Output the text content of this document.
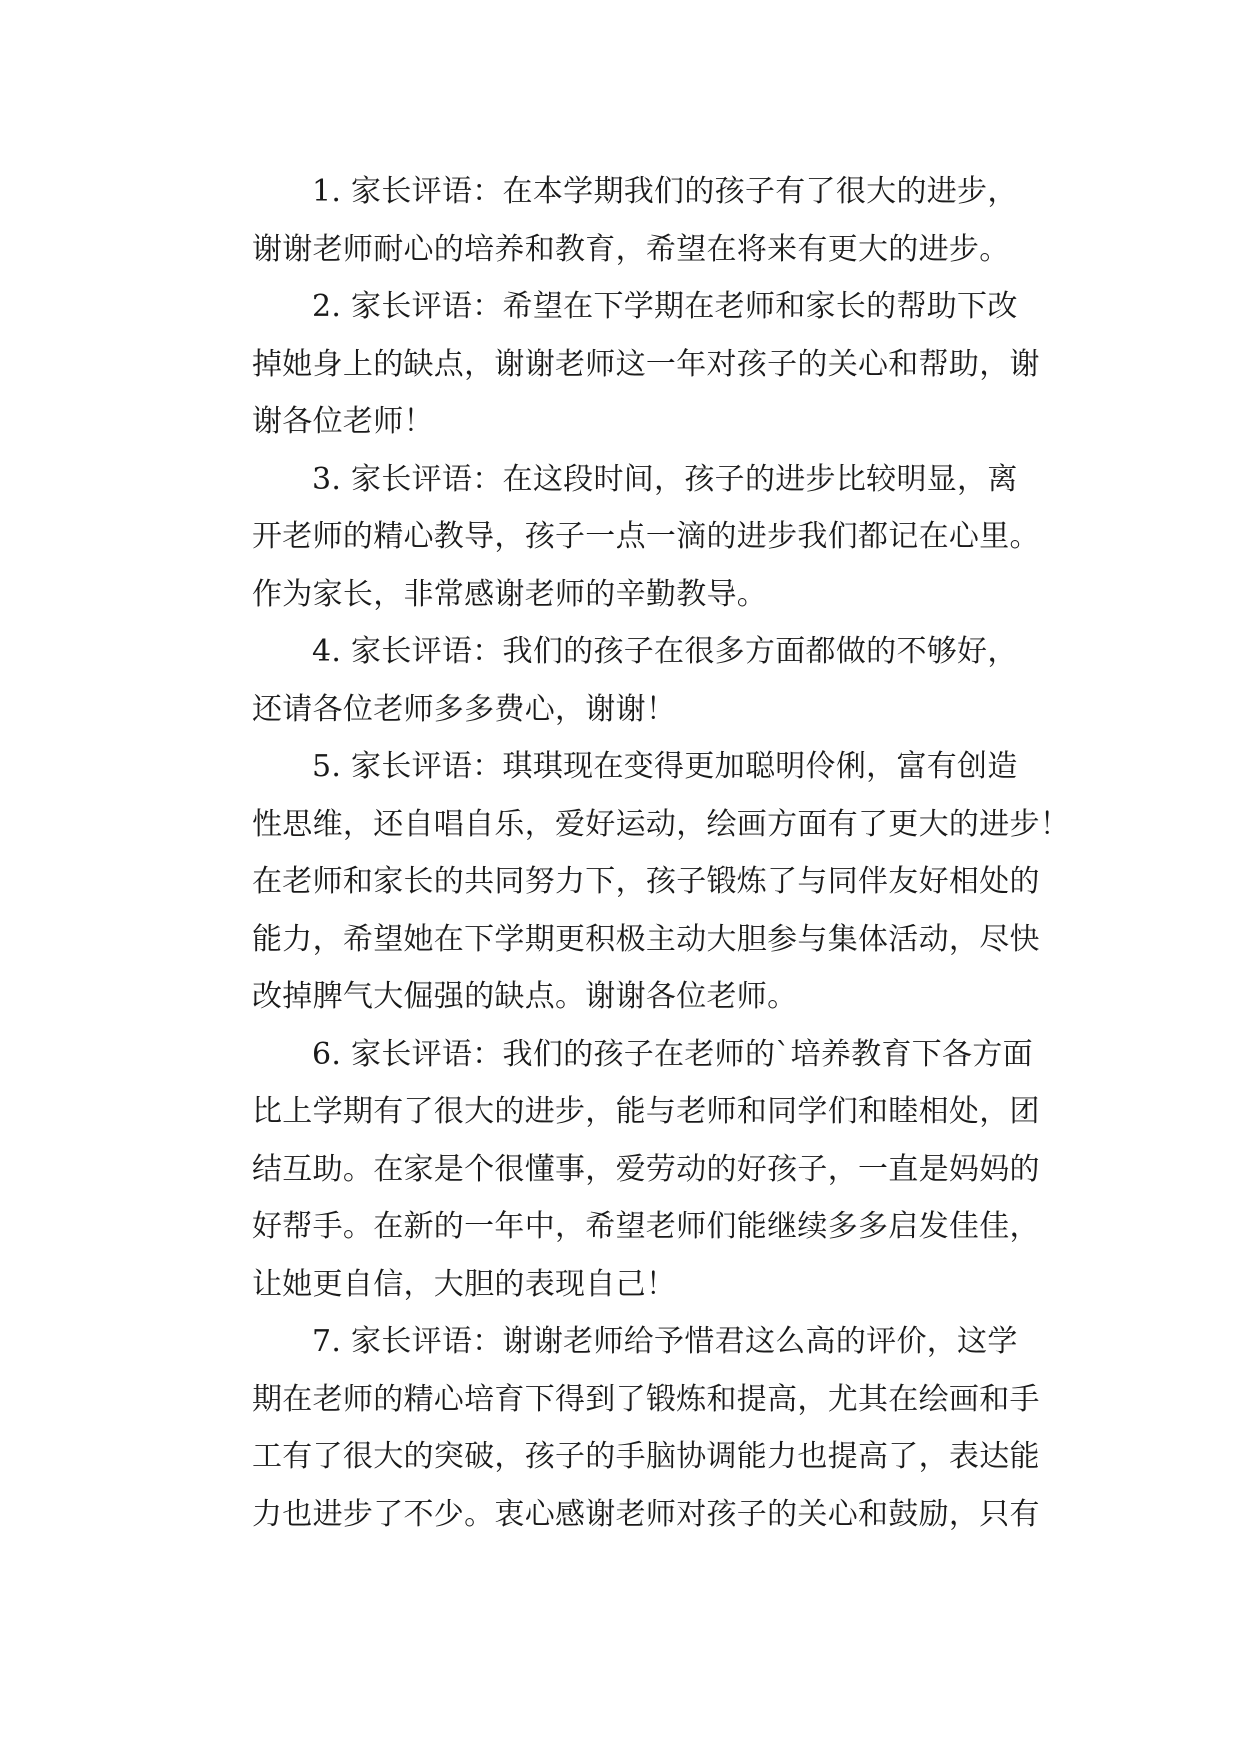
1. 家长评语：在本学期我们的孩子有了很大的进步，
谢谢老师耐心的培养和教育，希望在将来有更大的进步。
2. 家长评语：希望在下学期在老师和家长的帮助下改
掉她身上的缺点，谢谢老师这一年对孩子的关心和帮助，谢
谢各位老师！
3. 家长评语：在这段时间，孩子的进步比较明显，离
开老师的精心教导，孩子一点一滴的进步我们都记在心里。
作为家长，非常感谢老师的辛勤教导。
4. 家长评语：我们的孩子在很多方面都做的不够好，
还请各位老师多多费心，谢谢！
5. 家长评语：琪琪现在变得更加聪明伶俐，富有创造
性思维，还自唱自乐，爱好运动，绘画方面有了更大的进步！
在老师和家长的共同努力下，孩子锻炼了与同伴友好相处的
能力，希望她在下学期更积极主动大胆参与集体活动，尽快
改掉脾气大倔强的缺点。谢谢各位老师。
6. 家长评语：我们的孩子在老师的`培养教育下各方面
比上学期有了很大的进步，能与老师和同学们和睦相处，团
结互助。在家是个很懂事，爱劳动的好孩子，一直是妈妈的
好帮手。在新的一年中，希望老师们能继续多多启发佳佳，
让她更自信，大胆的表现自己！
7. 家长评语：谢谢老师给予惜君这么高的评价，这学
期在老师的精心培育下得到了锻炼和提高，尤其在绘画和手
工有了很大的突破，孩子的手脑协调能力也提高了，表达能
力也进步了不少。衷心感谢老师对孩子的关心和鼓励，只有
